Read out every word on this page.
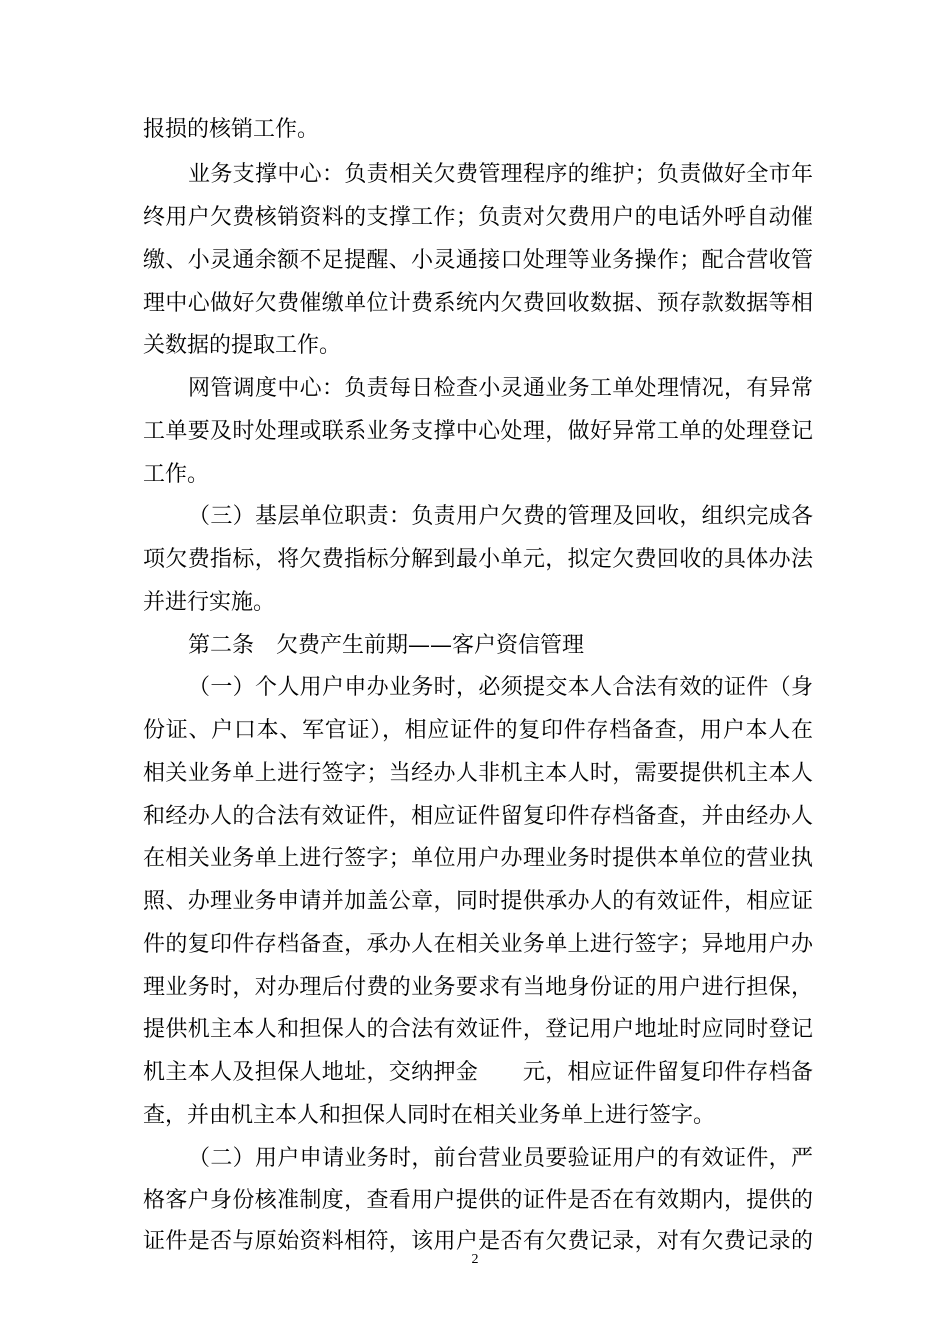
报损的核销工作。
业务支撑中心：负责相关欠费管理程序的维护；负责做好全市年
终用户欠费核销资料的支撑工作；负责对欠费用户的电话外呼自动催
缴、小灵通余额不足提醒、小灵通接口处理等业务操作；配合营收管
理中心做好欠费催缴单位计费系统内欠费回收数据、预存款数据等相
关数据的提取工作。
网管调度中心：负责每日检查小灵通业务工单处理情况，有异常
工单要及时处理或联系业务支撑中心处理，做好异常工单的处理登记
工作。
（三）基层单位职责：负责用户欠费的管理及回收，组织完成各
项欠费指标，将欠费指标分解到最小单元，拟定欠费回收的具体办法
并进行实施。
第二条　欠费产生前期——客户资信管理
（一）个人用户申办业务时，必须提交本人合法有效的证件（身
份证、户口本、军官证），相应证件的复印件存档备查，用户本人在
相关业务单上进行签字；当经办人非机主本人时，需要提供机主本人
和经办人的合法有效证件，相应证件留复印件存档备查，并由经办人
在相关业务单上进行签字；单位用户办理业务时提供本单位的营业执
照、办理业务申请并加盖公章，同时提供承办人的有效证件，相应证
件的复印件存档备查，承办人在相关业务单上进行签字；异地用户办
理业务时，对办理后付费的业务要求有当地身份证的用户进行担保，
提供机主本人和担保人的合法有效证件，登记用户地址时应同时登记
机主本人及担保人地址，交纳押金　　元，相应证件留复印件存档备
查，并由机主本人和担保人同时在相关业务单上进行签字。
（二）用户申请业务时，前台营业员要验证用户的有效证件，严
格客户身份核准制度，查看用户提供的证件是否在有效期内，提供的
证件是否与原始资料相符，该用户是否有欠费记录，对有欠费记录的
2
